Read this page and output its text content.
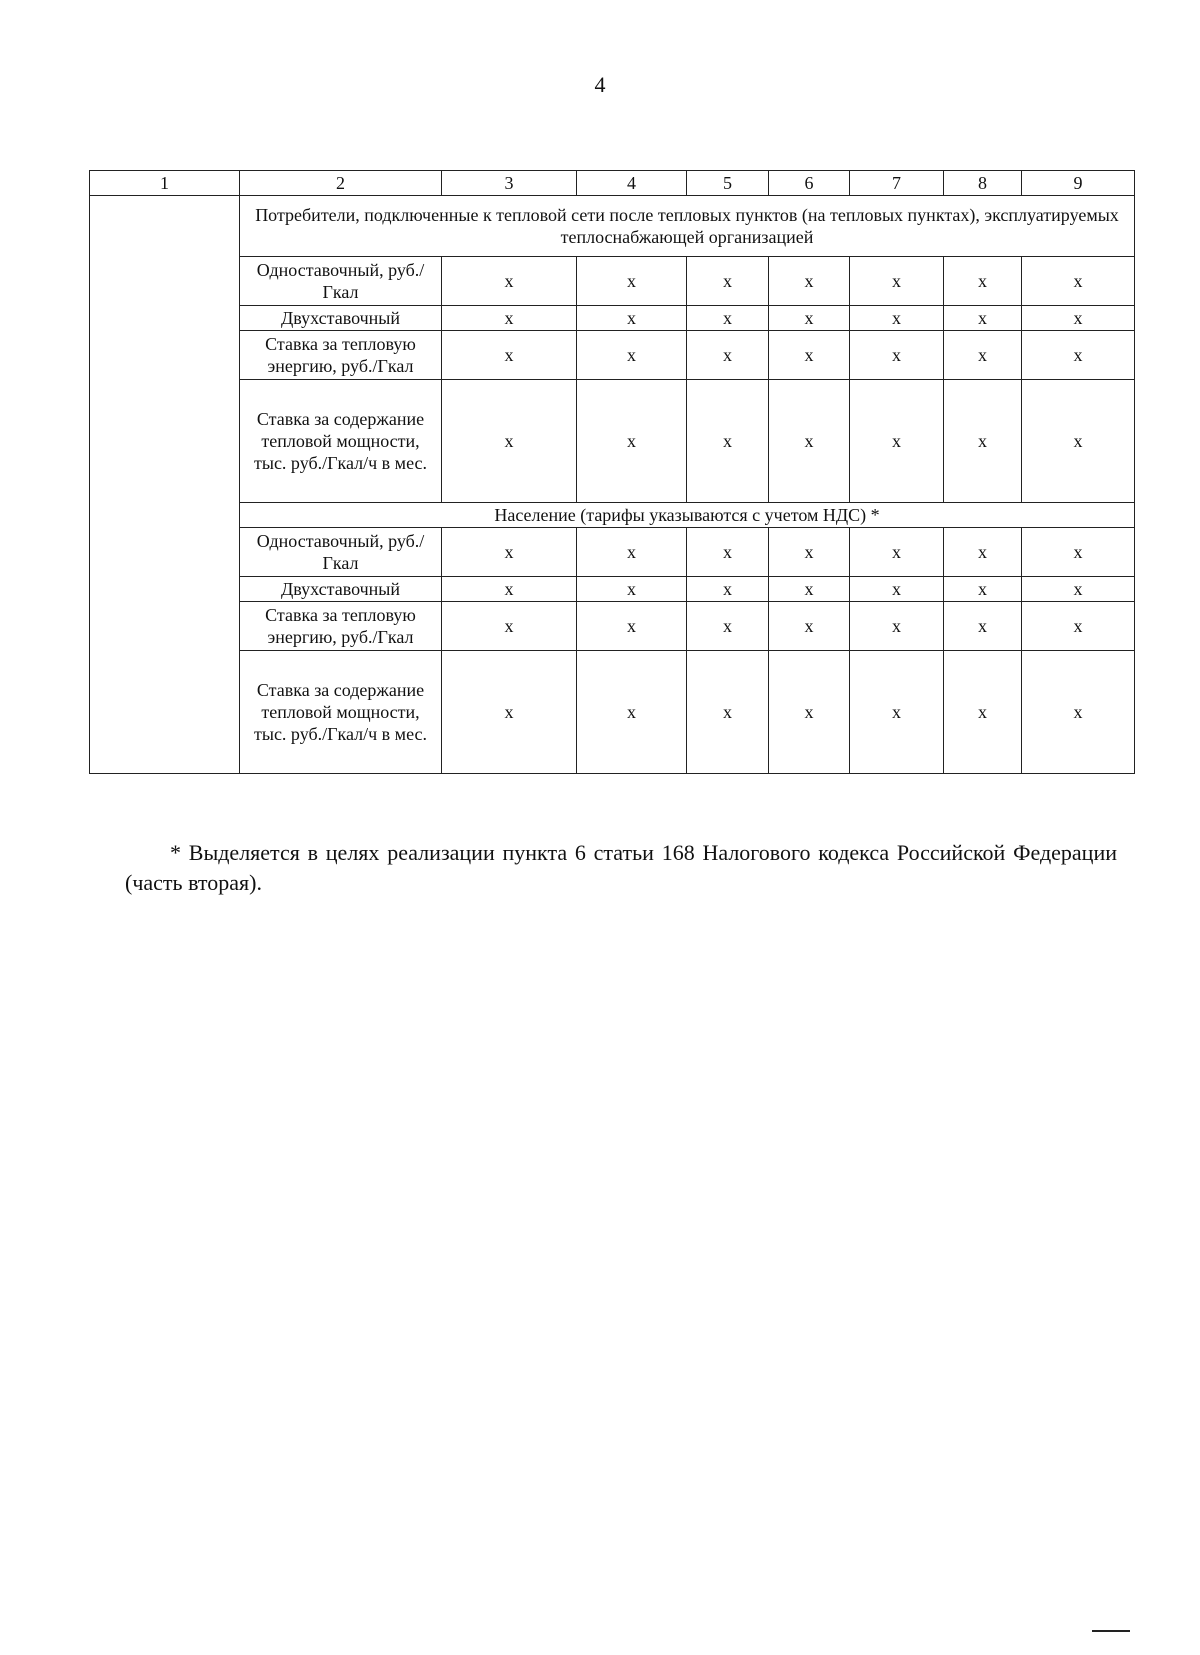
4
1	2	3	4	5	6	7	8	9
	Потребители, подключенные к тепловой сети после тепловых пунктов (на тепловых пунктах), эксплуатируемых теплоснабжающей организацией							
	Одноставочный, руб./Гкал	x	x	x	x	x	x	x
	Двухставочный	x	x	x	x	x	x	x
	Ставка за тепловую энергию, руб./Гкал	x	x	x	x	x	x	x
	Ставка за содержание тепловой мощности, тыс. руб./Гкал/ч в мес.	x	x	x	x	x	x	x
	Население (тарифы указываются с учетом НДС) *							
	Одноставочный, руб./Гкал	x	x	x	x	x	x	x
	Двухставочный	x	x	x	x	x	x	x
	Ставка за тепловую энергию, руб./Гкал	x	x	x	x	x	x	x
	Ставка за содержание тепловой мощности, тыс. руб./Гкал/ч в мес.	x	x	x	x	x	x	x

* Выделяется в целях реализации пункта 6 статьи 168 Налогового кодекса Российской Федерации (часть вторая).
